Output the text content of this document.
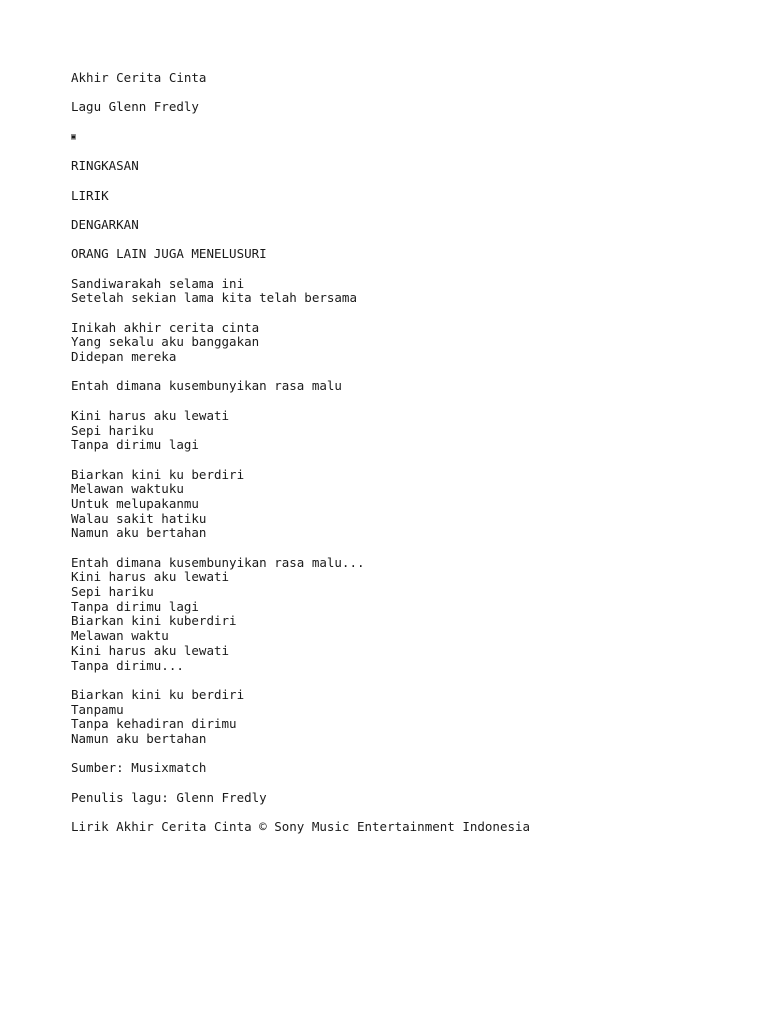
Akhir Cerita Cinta
Lagu Glenn Fredly
▣
RINGKASAN
LIRIK
DENGARKAN
ORANG LAIN JUGA MENELUSURI
Sandiwarakah selama ini
Setelah sekian lama kita telah bersama
Inikah akhir cerita cinta
Yang sekalu aku banggakan
Didepan mereka
Entah dimana kusembunyikan rasa malu
Kini harus aku lewati
Sepi hariku
Tanpa dirimu lagi
Biarkan kini ku berdiri
Melawan waktuku
Untuk melupakanmu
Walau sakit hatiku
Namun aku bertahan
Entah dimana kusembunyikan rasa malu...
Kini harus aku lewati
Sepi hariku
Tanpa dirimu lagi
Biarkan kini kuberdiri
Melawan waktu
Kini harus aku lewati
Tanpa dirimu...
Biarkan kini ku berdiri
Tanpamu
Tanpa kehadiran dirimu
Namun aku bertahan
Sumber: Musixmatch
Penulis lagu: Glenn Fredly
Lirik Akhir Cerita Cinta © Sony Music Entertainment Indonesia
